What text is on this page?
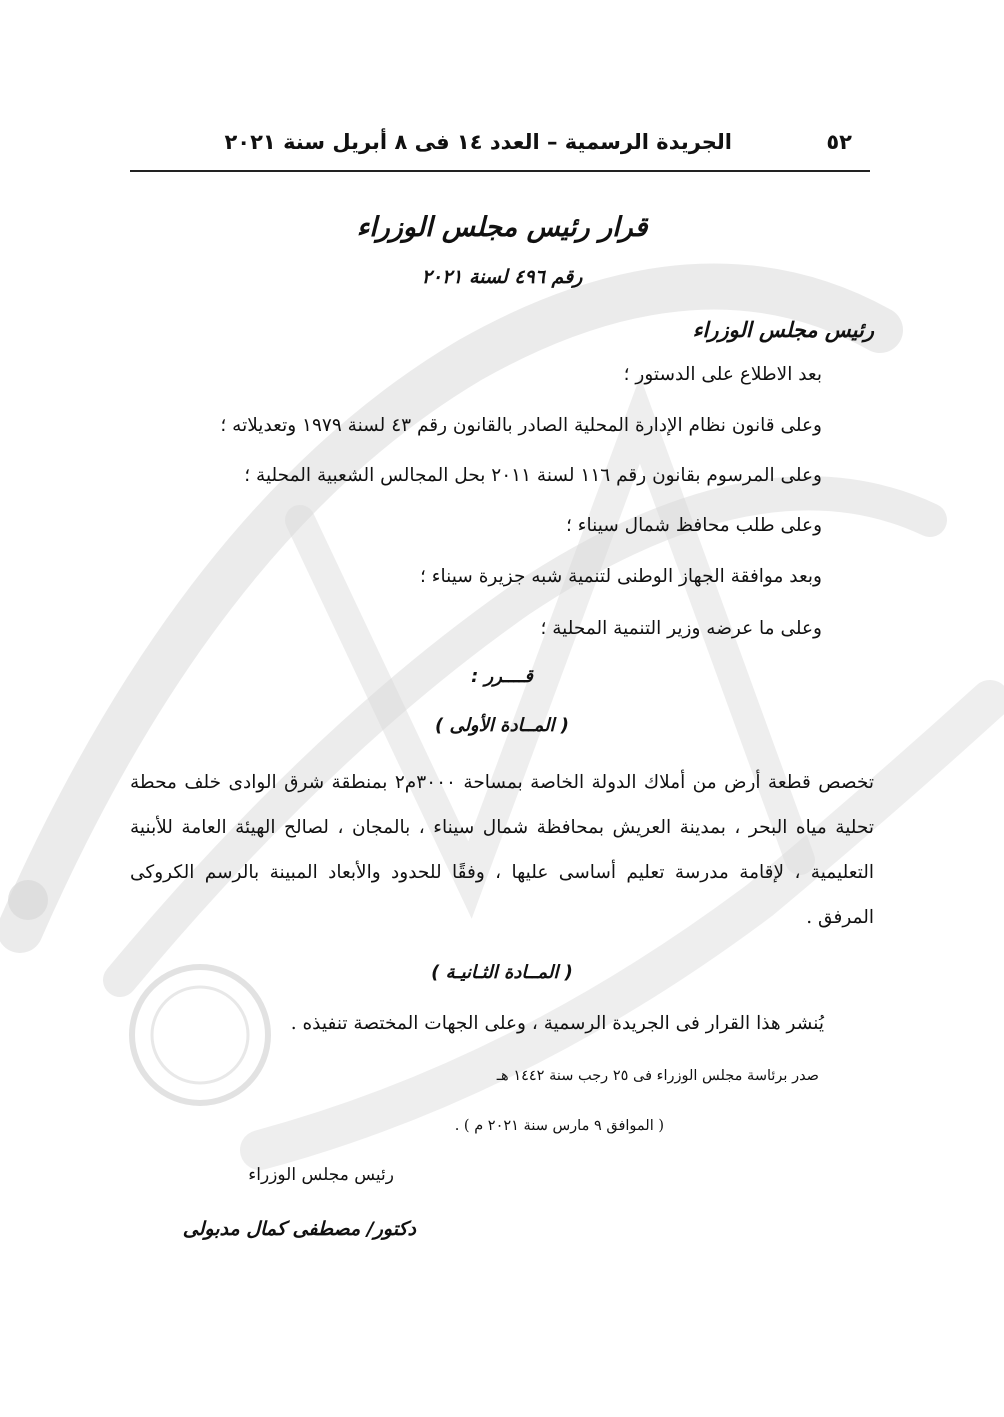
٥٢
الجريدة الرسمية – العدد ١٤ فى ٨ أبريل سنة ٢٠٢١
قرار رئيس مجلس الوزراء
رقم ٤٩٦ لسنة ٢٠٢١
رئيس مجلس الوزراء
بعد الاطلاع على الدستور ؛
وعلى قانون نظام الإدارة المحلية الصادر بالقانون رقم ٤٣ لسنة ١٩٧٩ وتعديلاته ؛
وعلى المرسوم بقانون رقم ١١٦ لسنة ٢٠١١ بحل المجالس الشعبية المحلية ؛
وعلى طلب محافظ شمال سيناء ؛
وبعد موافقة الجهاز الوطنى لتنمية شبه جزيرة سيناء ؛
وعلى ما عرضه وزير التنمية المحلية ؛
قــــرر :
( المــادة الأولى )
تخصص قطعة أرض من أملاك الدولة الخاصة بمساحة ٣٠٠٠م٢ بمنطقة شرق الوادى خلف محطة تحلية مياه البحر ، بمدينة العريش بمحافظة شمال سيناء ، بالمجان ، لصالح الهيئة العامة للأبنية التعليمية ، لإقامة مدرسة تعليم أساسى عليها ، وفقًا للحدود والأبعاد المبينة بالرسم الكروكى المرفق .
( المــادة الثـانيـة )
يُنشر هذا القرار فى الجريدة الرسمية ، وعلى الجهات المختصة تنفيذه .
صدر برئاسة مجلس الوزراء فى ٢٥ رجب سنة ١٤٤٢ هـ
( الموافق ٩ مارس سنة ٢٠٢١ م ) .
رئيس مجلس الوزراء
دكتور/ مصطفى كمال مدبولى
